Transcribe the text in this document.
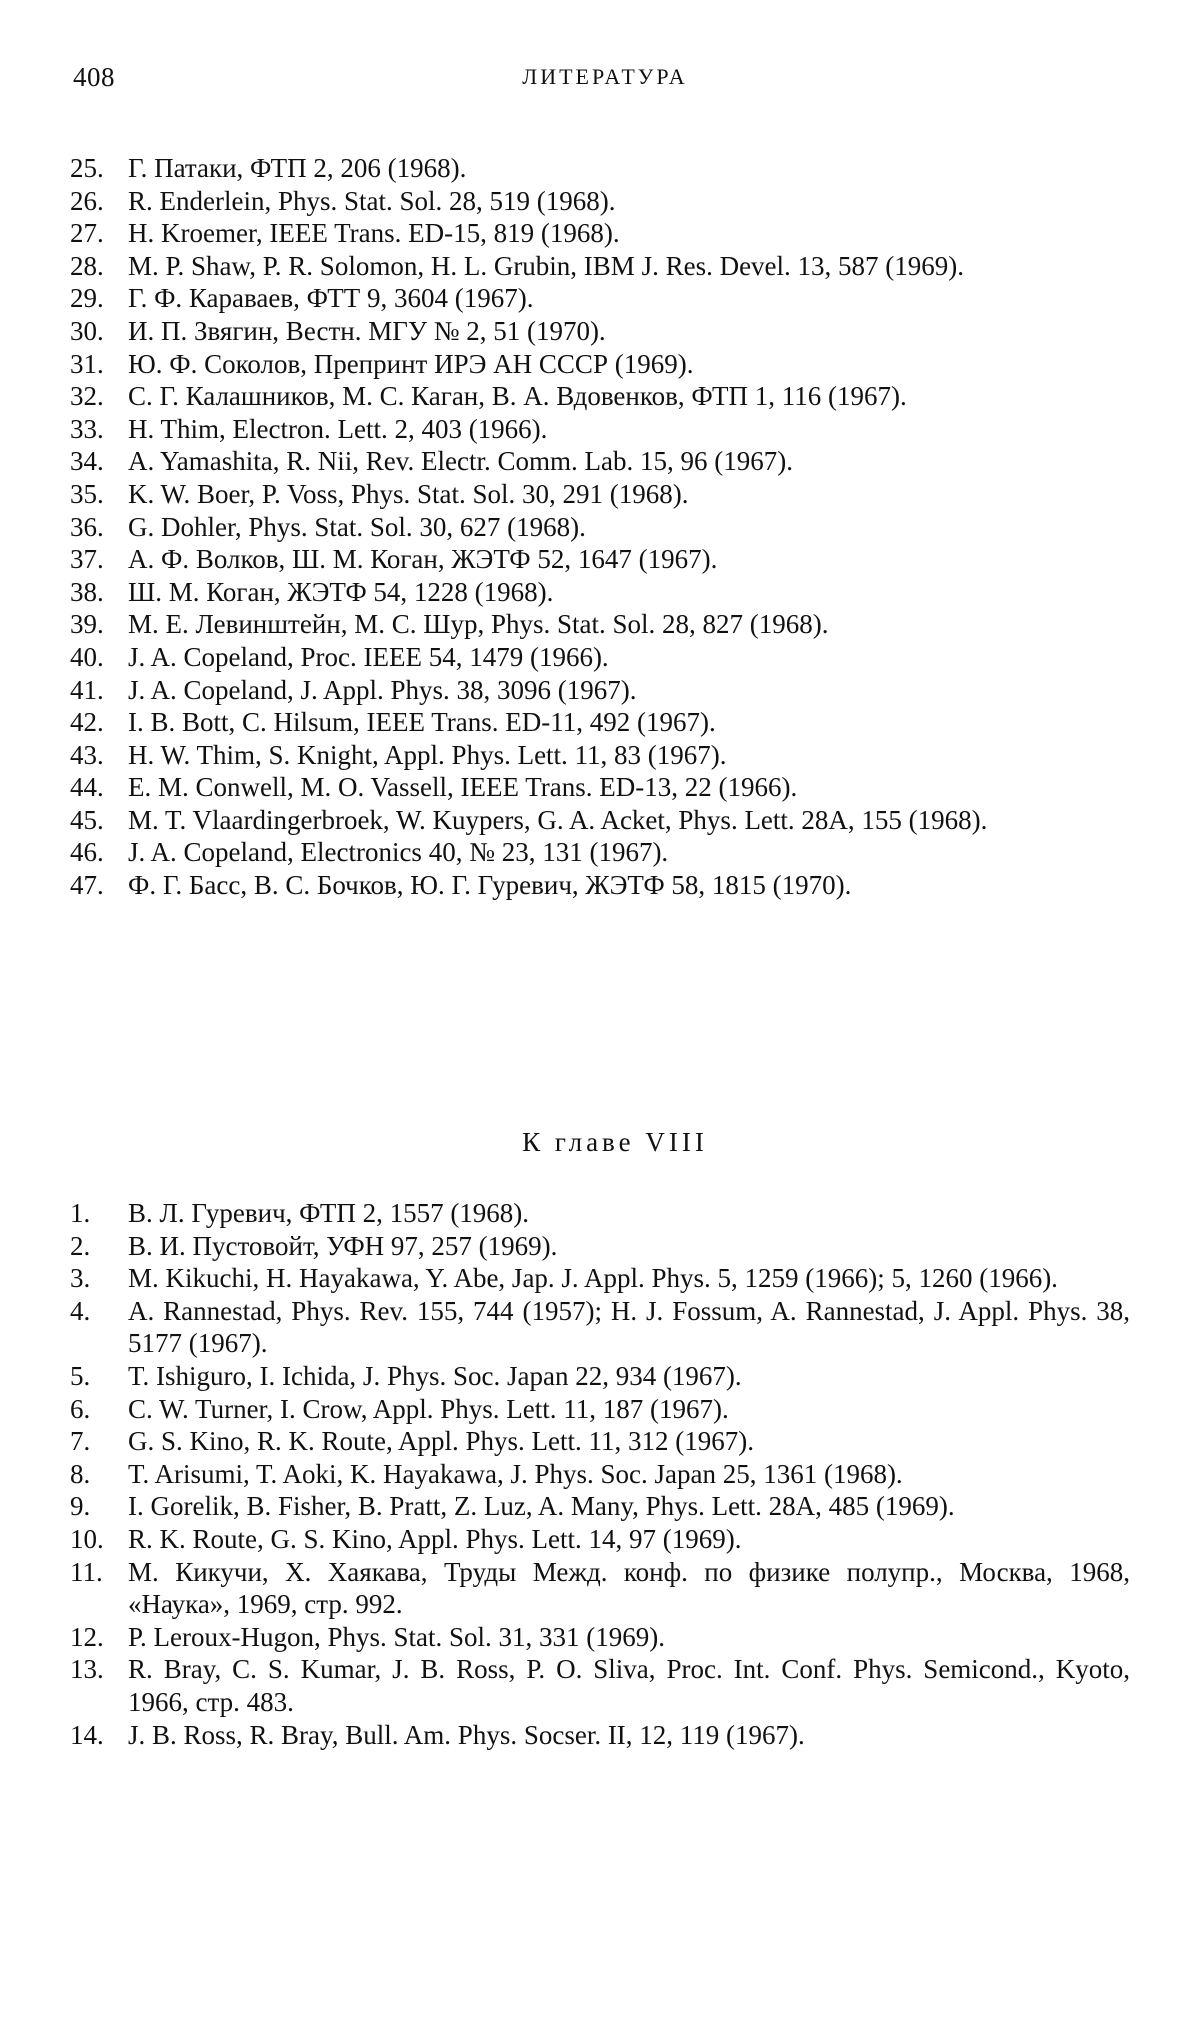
408	ЛИТЕРАТУРА
25. Г. Патаки, ФТП 2, 206 (1968).
26. R. Enderlein, Phys. Stat. Sol. 28, 519 (1968).
27. H. Kroemer, IEEE Trans. ED-15, 819 (1968).
28. M. P. Shaw, P. R. Solomon, H. L. Grubin, IBM J. Res. Devel. 13, 587 (1969).
29. Г. Ф. Караваев, ФТТ 9, 3604 (1967).
30. И. П. Звягин, Вестн. МГУ № 2, 51 (1970).
31. Ю. Ф. Соколов, Препринт ИРЭ АН СССР (1969).
32. С. Г. Калашников, М. С. Каган, В. А. Вдовенков, ФТП 1, 116 (1967).
33. H. Thim, Electron. Lett. 2, 403 (1966).
34. A. Yamashita, R. Nii, Rev. Electr. Comm. Lab. 15, 96 (1967).
35. K. W. Boer, P. Voss, Phys. Stat. Sol. 30, 291 (1968).
36. G. Dohler, Phys. Stat. Sol. 30, 627 (1968).
37. А. Ф. Волков, Ш. М. Коган, ЖЭТФ 52, 1647 (1967).
38. Ш. М. Коган, ЖЭТФ 54, 1228 (1968).
39. М. Е. Левинштейн, М. С. Шур, Phys. Stat. Sol. 28, 827 (1968).
40. J. A. Copeland, Proc. IEEE 54, 1479 (1966).
41. J. A. Copeland, J. Appl. Phys. 38, 3096 (1967).
42. I. B. Bott, C. Hilsum, IEEE Trans. ED-11, 492 (1967).
43. H. W. Thim, S. Knight, Appl. Phys. Lett. 11, 83 (1967).
44. E. M. Conwell, M. O. Vassell, IEEE Trans. ED-13, 22 (1966).
45. M. T. Vlaardingerbroek, W. Kuypers, G. A. Acket, Phys. Lett. 28A, 155 (1968).
46. J. A. Copeland, Electronics 40, № 23, 131 (1967).
47. Ф. Г. Басс, В. С. Бочков, Ю. Г. Гуревич, ЖЭТФ 58, 1815 (1970).
К главе VIII
1.	В. Л. Гуревич, ФТП 2, 1557 (1968).
2.	В. И. Пустовойт, УФН 97, 257 (1969).
3.	M. Kikuchi, H. Hayakawa, Y. Abe, Jap. J. Appl. Phys. 5, 1259 (1966); 5, 1260 (1966).
4.	A. Rannestad, Phys. Rev. 155, 744 (1957); H. J. Fossum, A. Rannestad, J. Appl. Phys. 38, 5177 (1967).
5.	T. Ishiguro, I. Ichida, J. Phys. Soc. Japan 22, 934 (1967).
6.	C. W. Turner, I. Crow, Appl. Phys. Lett. 11, 187 (1967).
7.	G. S. Kino, R. K. Route, Appl. Phys. Lett. 11, 312 (1967).
8.	T. Arisumi, T. Aoki, K. Hayakawa, J. Phys. Soc. Japan 25, 1361 (1968).
9.	I. Gorelik, B. Fisher, B. Pratt, Z. Luz, A. Many, Phys. Lett. 28A, 485 (1969).
10. R. K. Route, G. S. Kino, Appl. Phys. Lett. 14, 97 (1969).
11. М. Кикучи, Х. Хаякава, Труды Межд. конф. по физике полупр., Москва, 1968, «Наука», 1969, стр. 992.
12. P. Leroux-Hugon, Phys. Stat. Sol. 31, 331 (1969).
13. R. Bray, C. S. Kumar, J. B. Ross, P. O. Sliva, Proc. Int. Conf. Phys. Semicond., Kyoto, 1966, стр. 483.
14. J. B. Ross, R. Bray, Bull. Am. Phys. Socser. II, 12, 119 (1967).
